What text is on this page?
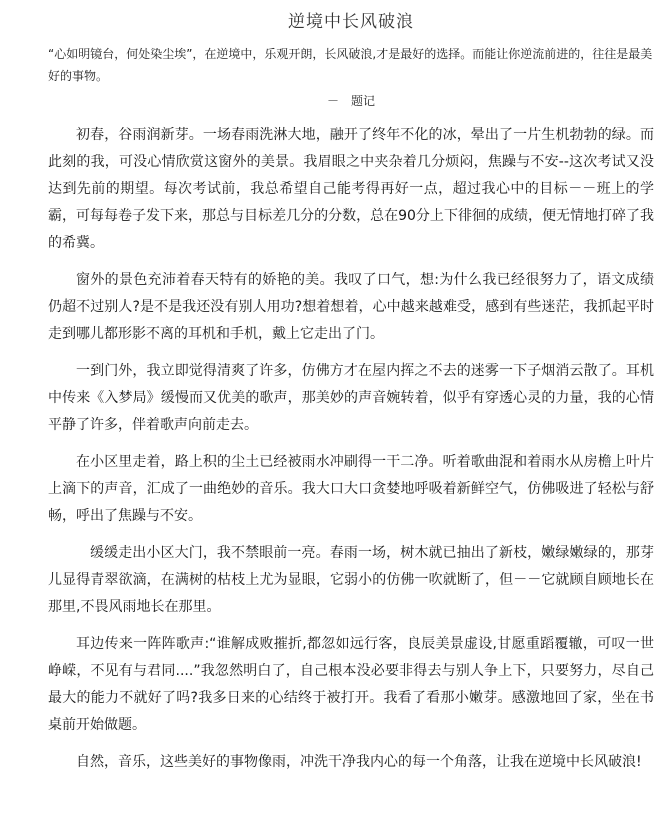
逆境中长风破浪
“心如明镜台，何处染尘埃”，在逆境中，乐观开朗，长风破浪,才是最好的选择。而能让你逆流前进的，往往是最美好的事物。
－　题记

初春，谷雨润新芽。一场春雨洗淋大地，融开了终年不化的冰，晕出了一片生机勃勃的绿。而此刻的我，可没心情欣赏这窗外的美景。我眉眼之中夹杂着几分烦闷，焦躁与不安--这次考试又没达到先前的期望。每次考试前，我总希望自己能考得再好一点，超过我心中的目标－－班上的学霸，可每每卷子发下来，那总与目标差几分的分数，总在90分上下徘徊的成绩，便无情地打碎了我的希冀。

窗外的景色充沛着春天特有的娇艳的美。我叹了口气，想:为什么我已经很努力了，语文成绩仍超不过别人?是不是我还没有别人用功?想着想着，心中越来越难受，感到有些迷茫，我抓起平时走到哪儿都形影不离的耳机和手机，戴上它走出了门。

一到门外，我立即觉得清爽了许多，仿佛方才在屋内挥之不去的迷雾一下子烟消云散了。耳机中传来《入梦局》缓慢而又优美的歌声，那美妙的声音婉转着，似乎有穿透心灵的力量，我的心情平静了许多，伴着歌声向前走去。

在小区里走着，路上积的尘土已经被雨水冲刷得一干二净。听着歌曲混和着雨水从房檐上叶片上滴下的声音，汇成了一曲绝妙的音乐。我大口大口贪婪地呼吸着新鲜空气，仿佛吸进了轻松与舒畅，呼出了焦躁与不安。

缓缓走出小区大门，我不禁眼前一亮。春雨一场，树木就已抽出了新枝，嫩绿嫩绿的，那芽儿显得青翠欲滴，在满树的枯枝上尤为显眼，它弱小的仿佛一吹就断了，但－－它就顾自顾地长在那里,不畏风雨地长在那里。

耳边传来一阵阵歌声:“谁解成败摧折,都忽如远行客，良辰美景虚设,甘愿重蹈覆辙，可叹一世峥嵘，不见有与君同....”我忽然明白了，自己根本没必要非得去与别人争上下，只要努力，尽自己最大的能力不就好了吗?我多日来的心结终于被打开。我看了看那小嫩芽。感激地回了家，坐在书桌前开始做题。

自然，音乐，这些美好的事物像雨，冲洗干净我内心的每一个角落，让我在逆境中长风破浪!
